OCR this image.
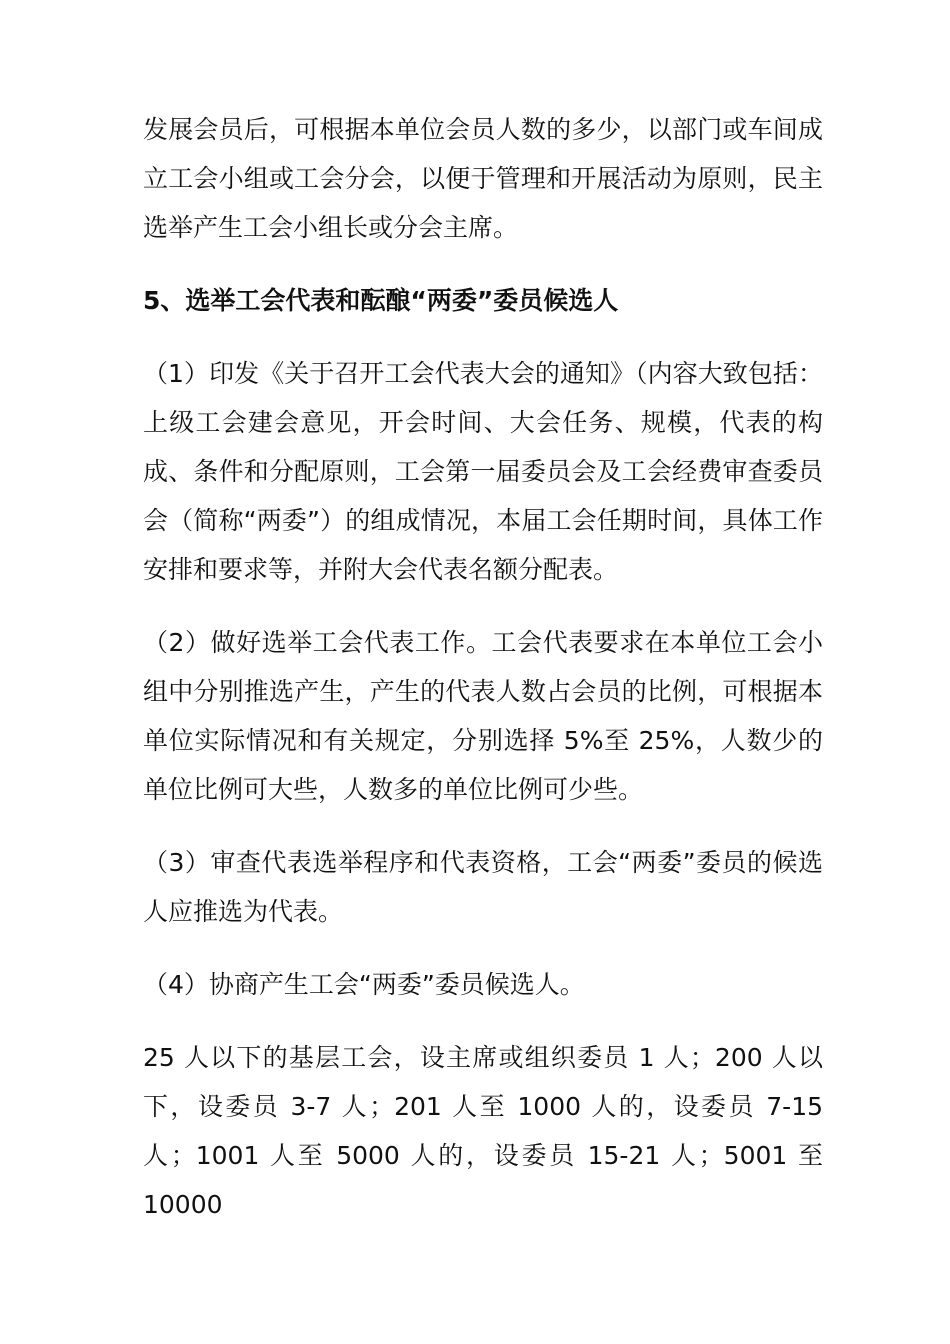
发展会员后，可根据本单位会员人数的多少，以部门或车间成立工会小组或工会分会，以便于管理和开展活动为原则，民主选举产生工会小组长或分会主席。

5、选举工会代表和酝酿“两委”委员候选人

（1）印发《关于召开工会代表大会的通知》（内容大致包括：上级工会建会意见，开会时间、大会任务、规模，代表的构成、条件和分配原则，工会第一届委员会及工会经费审查委员会（简称“两委”）的组成情况，本届工会任期时间，具体工作安排和要求等，并附大会代表名额分配表。

（2）做好选举工会代表工作。工会代表要求在本单位工会小组中分别推选产生，产生的代表人数占会员的比例，可根据本单位实际情况和有关规定，分别选择 5%至 25%，人数少的单位比例可大些，人数多的单位比例可少些。

（3）审查代表选举程序和代表资格，工会“两委”委员的候选人应推选为代表。

（4）协商产生工会“两委”委员候选人。

25 人以下的基层工会，设主席或组织委员 1 人；200 人以下，设委员 3-7 人；201 人至 1000 人的，设委员 7-15 人；1001 人至 5000 人的，设委员 15-21 人；5001 至 10000
